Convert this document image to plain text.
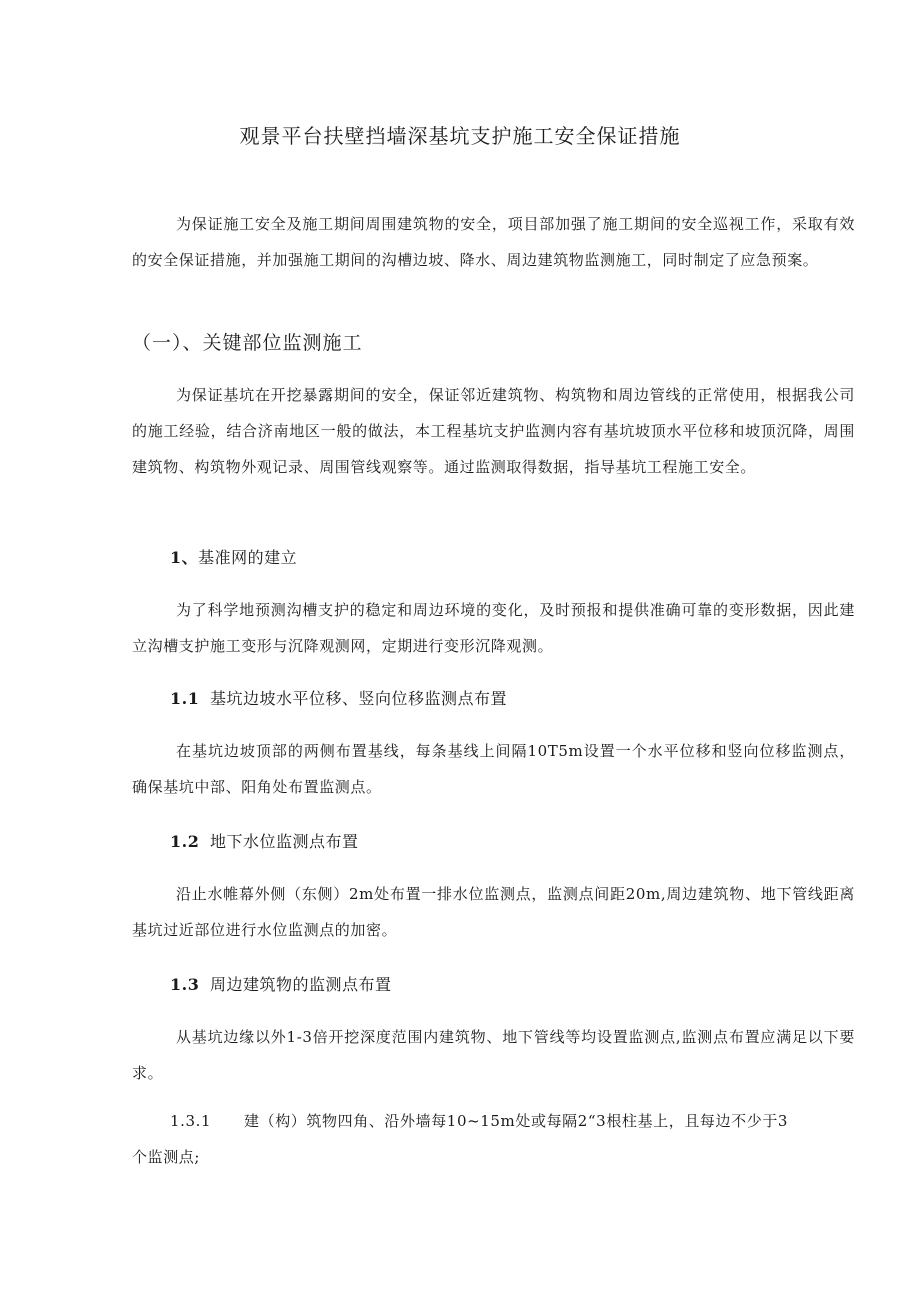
观景平台扶壁挡墙深基坑支护施工安全保证措施
为保证施工安全及施工期间周围建筑物的安全，项目部加强了施工期间的安全巡视工作，采取有效的安全保证措施，并加强施工期间的沟槽边坡、降水、周边建筑物监测施工，同时制定了应急预案。
（一）、关键部位监测施工
为保证基坑在开挖暴露期间的安全，保证邻近建筑物、构筑物和周边管线的正常使用，根据我公司的施工经验，结合济南地区一般的做法，本工程基坑支护监测内容有基坑坡顶水平位移和坡顶沉降，周围建筑物、构筑物外观记录、周围管线观察等。通过监测取得数据，指导基坑工程施工安全。
1、基准网的建立
为了科学地预测沟槽支护的稳定和周边环境的变化，及时预报和提供准确可靠的变形数据，因此建立沟槽支护施工变形与沉降观测网，定期进行变形沉降观测。
1.1 基坑边坡水平位移、竖向位移监测点布置
在基坑边坡顶部的两侧布置基线，每条基线上间隔10T5m设置一个水平位移和竖向位移监测点，确保基坑中部、阳角处布置监测点。
1.2 地下水位监测点布置
沿止水帷幕外侧（东侧）2m处布置一排水位监测点，监测点间距20m,周边建筑物、地下管线距离基坑过近部位进行水位监测点的加密。
1.3 周边建筑物的监测点布置
从基坑边缘以外1-3倍开挖深度范围内建筑物、地下管线等均设置监测点,监测点布置应满足以下要求。
1.3.1 建（构）筑物四角、沿外墙每10~15m处或每隔2“3根柱基上，且每边不少于3
个监测点;
